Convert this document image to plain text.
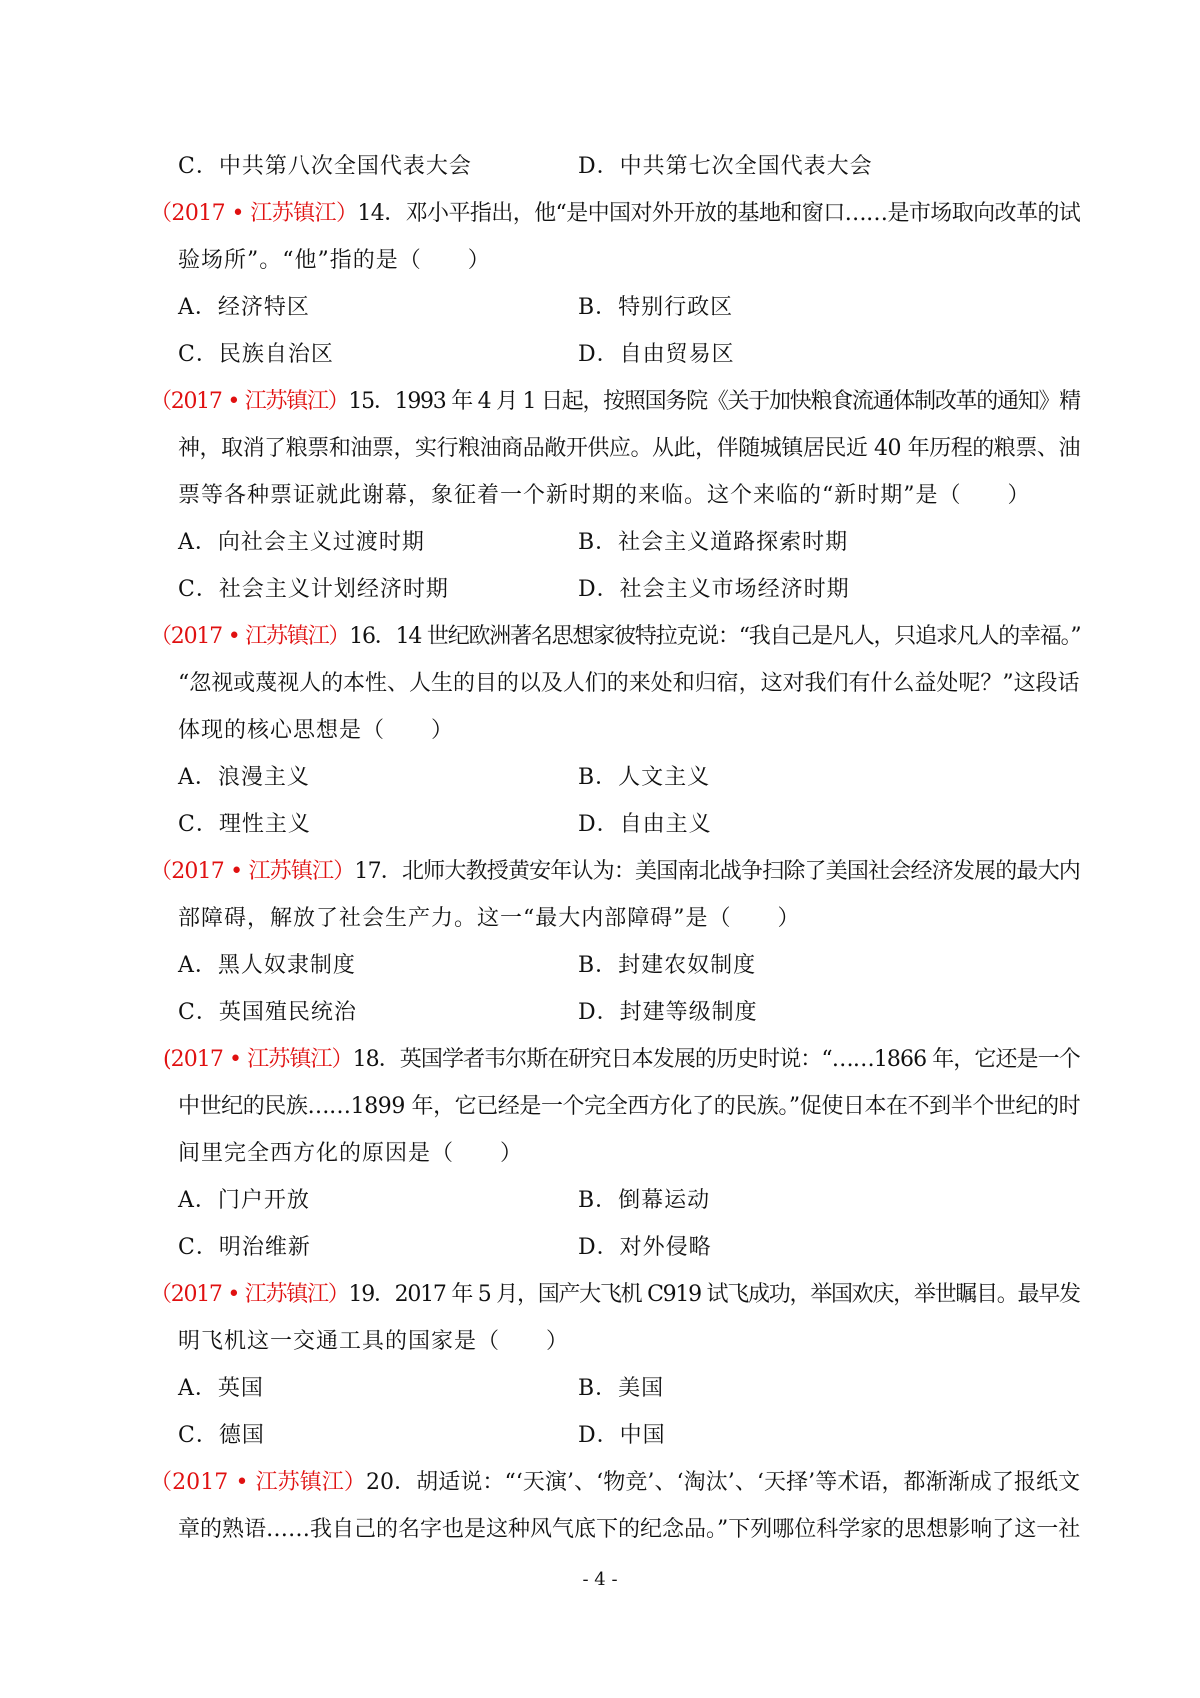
C．中共第八次全国代表大会	D．中共第七次全国代表大会
（2017 • 江苏镇江）14．邓小平指出，他“是中国对外开放的基地和窗口……是市场取向改革的试
验场所”。“他”指的是（　　）
A．经济特区	B．特别行政区
C．民族自治区	D．自由贸易区
（2017 • 江苏镇江）15．1993 年 4 月 1 日起，按照国务院《关于加快粮食流通体制改革的通知》精
神，取消了粮票和油票，实行粮油商品敞开供应。从此，伴随城镇居民近 40 年历程的粮票、油
票等各种票证就此谢幕，象征着一个新时期的来临。这个来临的“新时期”是（　　）
A．向社会主义过渡时期	B．社会主义道路探索时期
C．社会主义计划经济时期	D．社会主义市场经济时期
（2017 • 江苏镇江）16．14 世纪欧洲著名思想家彼特拉克说：“我自己是凡人，只追求凡人的幸福。”
“忽视或蔑视人的本性、人生的目的以及人们的来处和归宿，这对我们有什么益处呢？”这段话
体现的核心思想是（　　）
A．浪漫主义	B．人文主义
C．理性主义	D．自由主义
（2017 • 江苏镇江）17．北师大教授黄安年认为：美国南北战争扫除了美国社会经济发展的最大内
部障碍，解放了社会生产力。这一“最大内部障碍”是（　　）
A．黑人奴隶制度	B．封建农奴制度
C．英国殖民统治	D．封建等级制度
(2017 • 江苏镇江）18．英国学者韦尔斯在研究日本发展的历史时说：“……1866 年，它还是一个
中世纪的民族……1899 年，它已经是一个完全西方化了的民族。”促使日本在不到半个世纪的时
间里完全西方化的原因是（　　）
A．门户开放	B．倒幕运动
C．明治维新	D．对外侵略
（2017 • 江苏镇江）19．2017 年 5 月，国产大飞机 C919 试飞成功，举国欢庆，举世瞩目。最早发
明飞机这一交通工具的国家是（　　）
A．英国	B．美国
C．德国	D．中国
（2017 • 江苏镇江）20．胡适说：“‘天演’、‘物竞’、‘淘汰’、‘天择’等术语，都渐渐成了报纸文
章的熟语……我自己的名字也是这种风气底下的纪念品。”下列哪位科学家的思想影响了这一社
- 4 -
